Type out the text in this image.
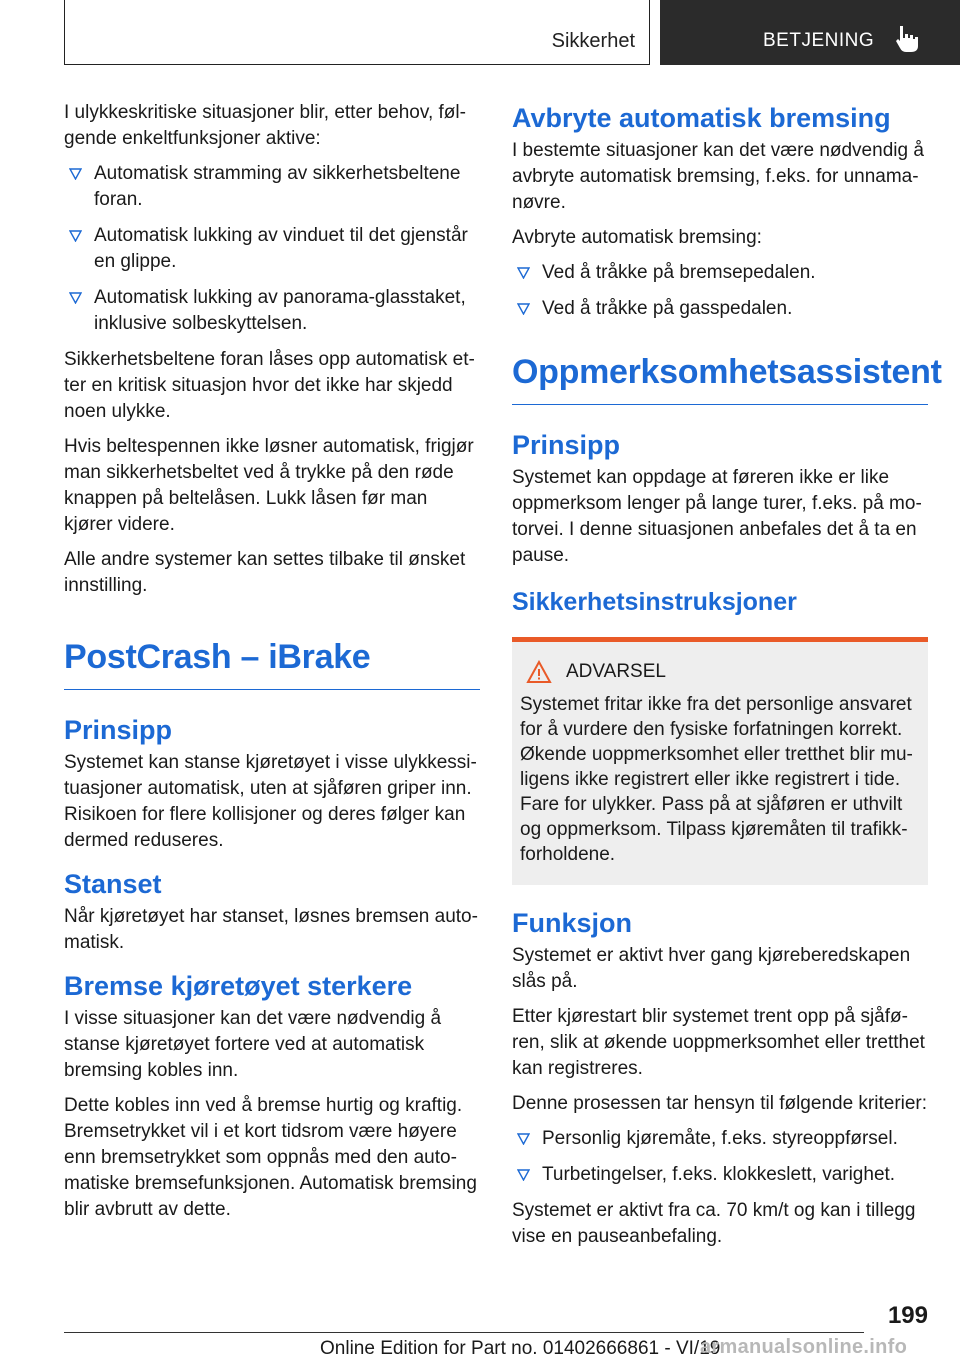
Sikkerhet	BETJENING

I ulykkeskritiske situasjoner blir, etter behov, følgende enkeltfunksjoner aktive:

Automatisk stramming av sikkerhetsbeltene foran.
Automatisk lukking av vinduet til det gjenstår en glippe.
Automatisk lukking av panorama-glasstaket, inklusive solbeskyttelsen.

Sikkerhetsbeltene foran låses opp automatisk etter en kritisk situasjon hvor det ikke har skjedd noen ulykke.

Hvis beltespennen ikke løsner automatisk, frigjør man sikkerhetsbeltet ved å trykke på den røde knappen på beltelåsen. Lukk låsen før man kjører videre.

Alle andre systemer kan settes tilbake til ønsket innstilling.

PostCrash – iBrake
Prinsipp

Systemet kan stanse kjøretøyet i visse ulykkessituasjoner automatisk, uten at sjåføren griper inn. Risikoen for flere kollisjoner og deres følger kan dermed reduseres.

Stanset

Når kjøretøyet har stanset, løsnes bremsen automatisk.

Bremse kjøretøyet sterkere

I visse situasjoner kan det være nødvendig å stanse kjøretøyet fortere ved at automatisk bremsing kobles inn.

Dette kobles inn ved å bremse hurtig og kraftig. Bremsetrykket vil i et kort tidsrom være høyere enn bremsetrykket som oppnås med den automatiske bremsefunksjonen. Automatisk bremsing blir avbrutt av dette.

Avbryte automatisk bremsing

I bestemte situasjoner kan det være nødvendig å avbryte automatisk bremsing, f.eks. for unnamanøvre.

Avbryte automatisk bremsing:

Ved å tråkke på bremsepedalen.
Ved å tråkke på gasspedalen.
Oppmerksomhetsassistent
Prinsipp

Systemet kan oppdage at føreren ikke er like oppmerksom lenger på lange turer, f.eks. på motorvei. I denne situasjonen anbefales det å ta en pause.

Sikkerhetsinstruksjoner
ADVARSEL

Systemet fritar ikke fra det personlige ansvaret for å vurdere den fysiske forfatningen korrekt. Økende uoppmerksomhet eller tretthet blir muligens ikke registrert eller ikke registrert i tide. Fare for ulykker. Pass på at sjåføren er uthvilt og oppmerksom. Tilpass kjøremåten til trafikkforholdene.

Funksjon

Systemet er aktivt hver gang kjøreberedskapen slås på.

Etter kjørestart blir systemet trent opp på sjåføren, slik at økende uoppmerksomhet eller tretthet kan registreres.

Denne prosessen tar hensyn til følgende kriterier:

Personlig kjøremåte, f.eks. styreoppførsel.
Turbetingelser, f.eks. klokkeslett, varighet.

Systemet er aktivt fra ca. 70 km/t og kan i tillegg vise en pauseanbefaling.

199
Online Edition for Part no. 01402666861 - VI/19
armanualsonline.info
